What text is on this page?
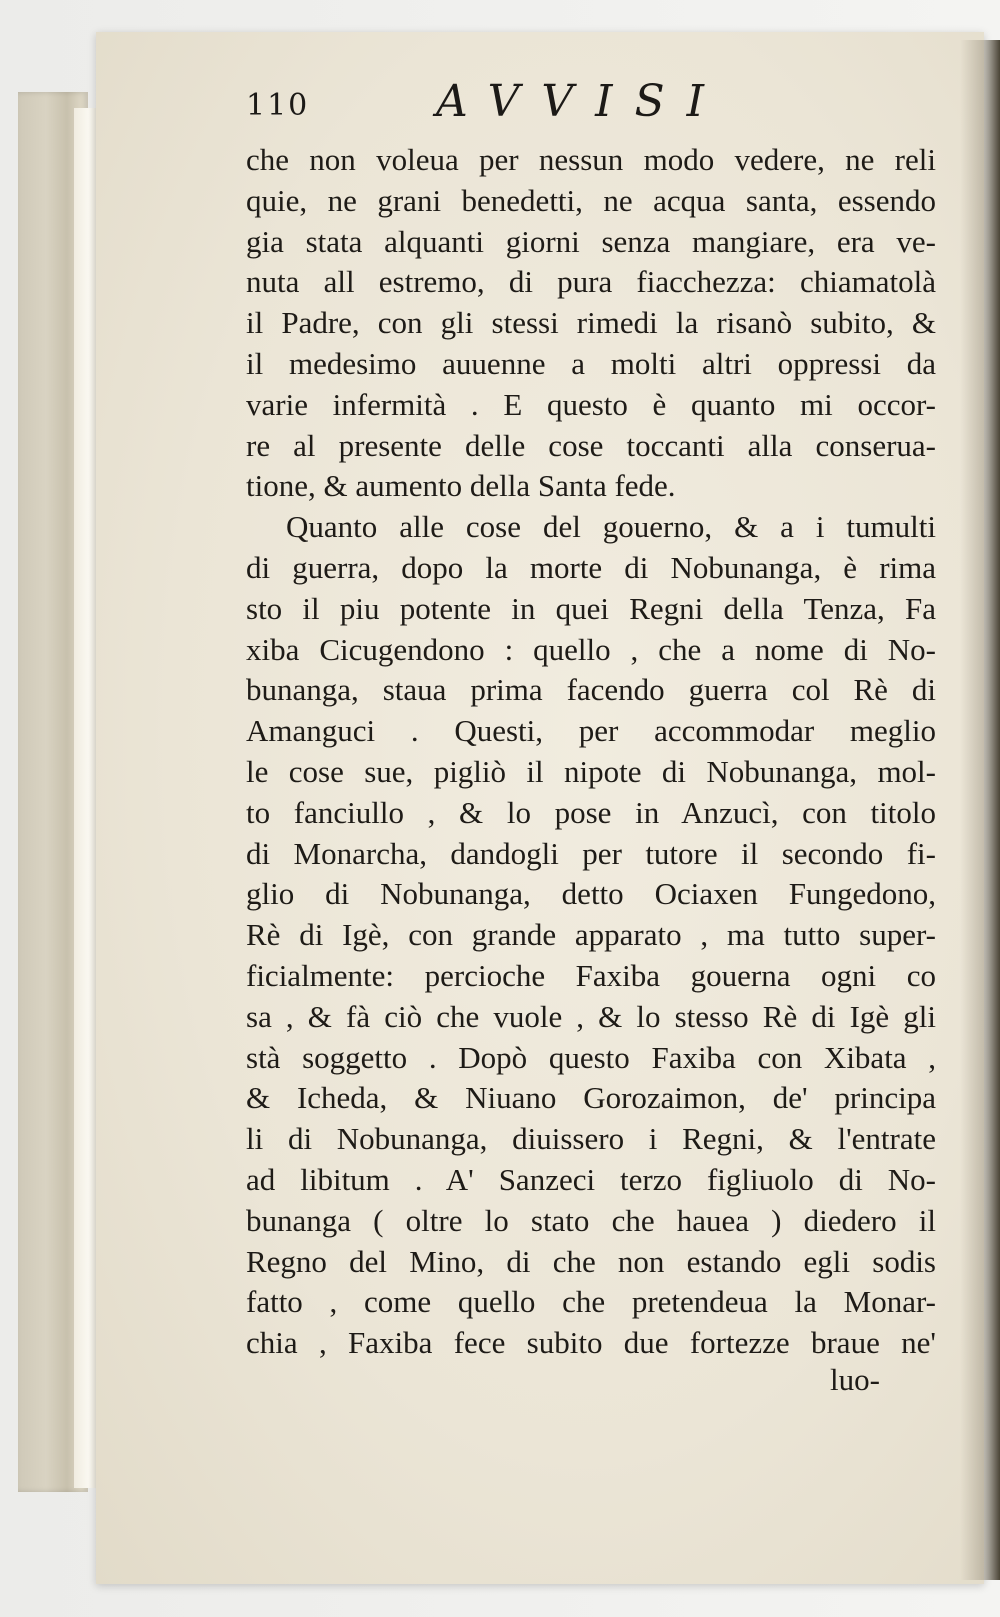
110	AVVISI
che non voleua per nessun modo vedere, ne reli
quie, ne grani benedetti, ne acqua santa, essendo
gia stata alquanti giorni senza mangiare, era ve-
nuta all estremo, di pura fiacchezza: chiamatolà
il Padre, con gli stessi rimedi la risanò subito, &
il medesimo auuenne a molti altri oppressi da
varie infermità . E questo è quanto mi occor-
re al presente delle cose toccanti alla conserua-
tione, & aumento della Santa fede.
Quanto alle cose del gouerno, & a i tumulti
di guerra, dopo la morte di Nobunanga, è rima
sto il piu potente in quei Regni della Tenza, Fa
xiba Cicugendono : quello , che a nome di No-
bunanga, staua prima facendo guerra col Rè di
Amanguci . Questi, per accommodar meglio
le cose sue, pigliò il nipote di Nobunanga, mol-
to fanciullo , & lo pose in Anzucì, con titolo
di Monarcha, dandogli per tutore il secondo fi-
glio di Nobunanga, detto Ociaxen Fungedono,
Rè di Igè, con grande apparato , ma tutto super-
ficialmente: percioche Faxiba gouerna ogni co
sa , & fà ciò che vuole , & lo stesso Rè di Igè gli
stà soggetto . Dopò questo Faxiba con Xibata ,
& Icheda, & Niuano Gorozaimon, de' principa
li di Nobunanga, diuissero i Regni, & l'entrate
ad libitum . A' Sanzeci terzo figliuolo di No-
bunanga ( oltre lo stato che hauea ) diedero il
Regno del Mino, di che non estando egli sodis
fatto , come quello che pretendeua la Monar-
chia , Faxiba fece subito due fortezze braue ne'
luo-
